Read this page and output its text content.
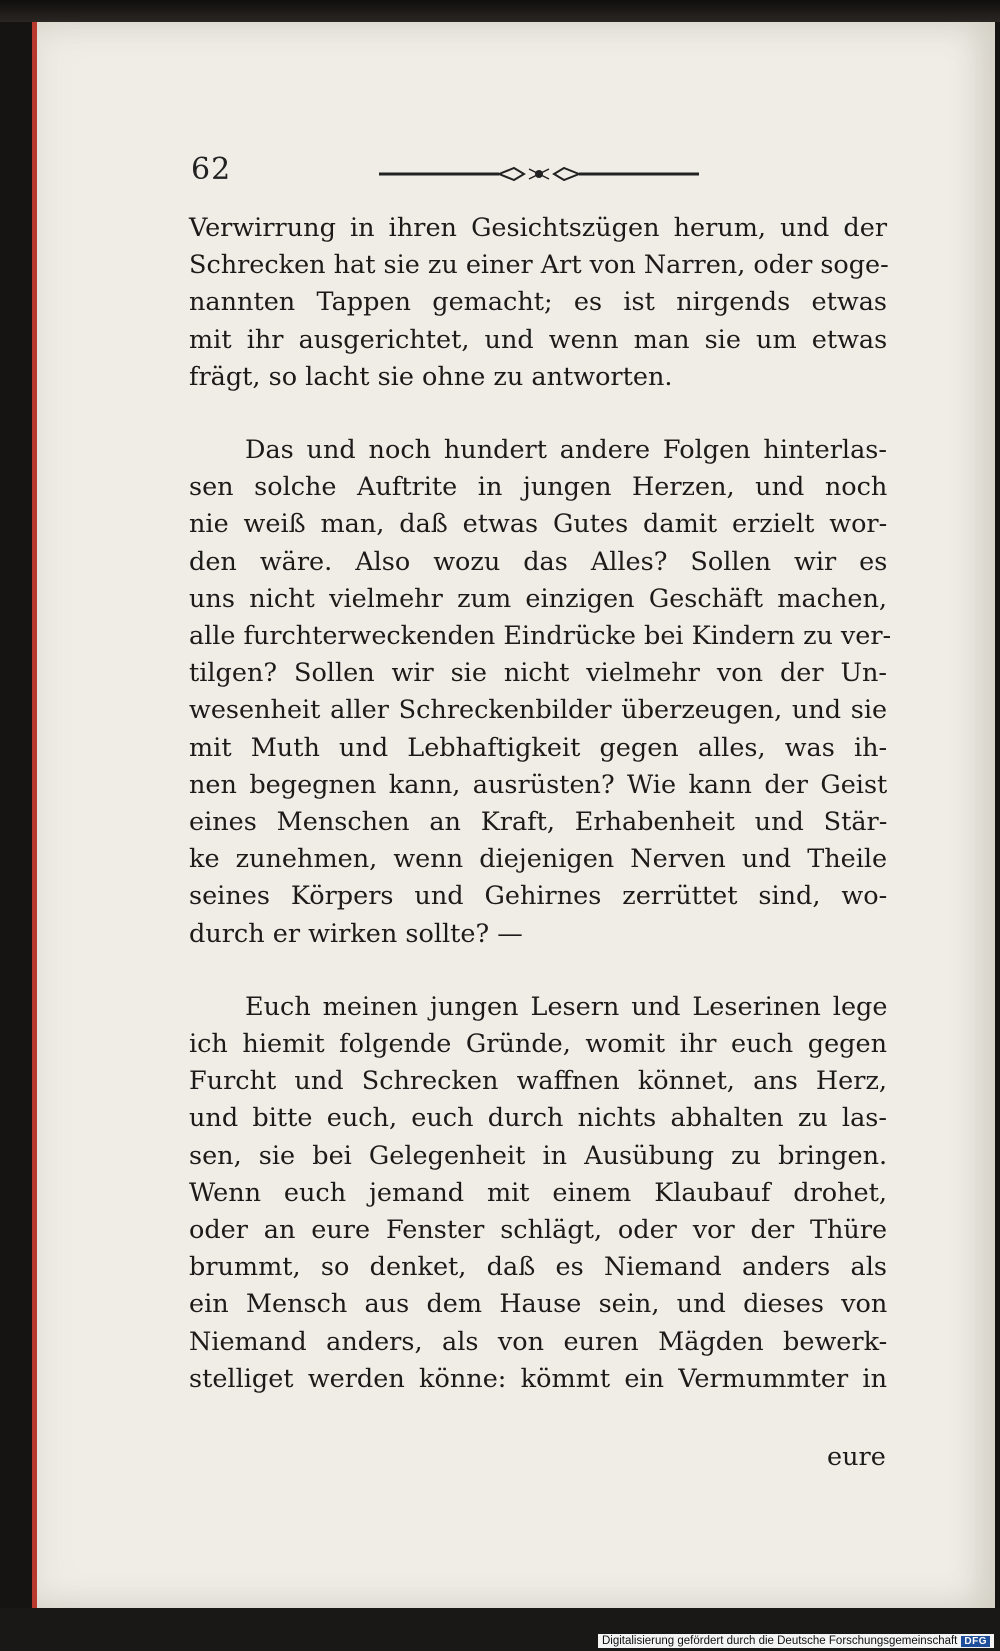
62

Verwirrung in ihren Gesichtszügen herum, und der
Schrecken hat sie zu einer Art von Narren, oder soge-
nannten Tappen gemacht; es ist nirgends etwas
mit ihr ausgerichtet, und wenn man sie um etwas
frägt, so lacht sie ohne zu antworten.

Das und noch hundert andere Folgen hinterlas-
sen solche Auftrite in jungen Herzen, und noch
nie weiß man, daß etwas Gutes damit erzielt wor-
den wäre. Also wozu das Alles? Sollen wir es
uns nicht vielmehr zum einzigen Geschäft machen,
alle furchterweckenden Eindrücke bei Kindern zu ver-
tilgen? Sollen wir sie nicht vielmehr von der Un-
wesenheit aller Schreckenbilder überzeugen, und sie
mit Muth und Lebhaftigkeit gegen alles, was ih-
nen begegnen kann, ausrüsten? Wie kann der Geist
eines Menschen an Kraft, Erhabenheit und Stär-
ke zunehmen, wenn diejenigen Nerven und Theile
seines Körpers und Gehirnes zerrüttet sind, wo-
durch er wirken sollte? —

Euch meinen jungen Lesern und Leserinen lege
ich hiemit folgende Gründe, womit ihr euch gegen
Furcht und Schrecken waffnen könnet, ans Herz,
und bitte euch, euch durch nichts abhalten zu las-
sen, sie bei Gelegenheit in Ausübung zu bringen.
Wenn euch jemand mit einem Klaubauf drohet,
oder an eure Fenster schlägt, oder vor der Thüre
brummt, so denket, daß es Niemand anders als
ein Mensch aus dem Hause sein, und dieses von
Niemand anders, als von euren Mägden bewerk-
stelliget werden könne: kömmt ein Vermummter in

eure
Digitalisierung gefördert durch die Deutsche Forschungsgemeinschaft DFG
